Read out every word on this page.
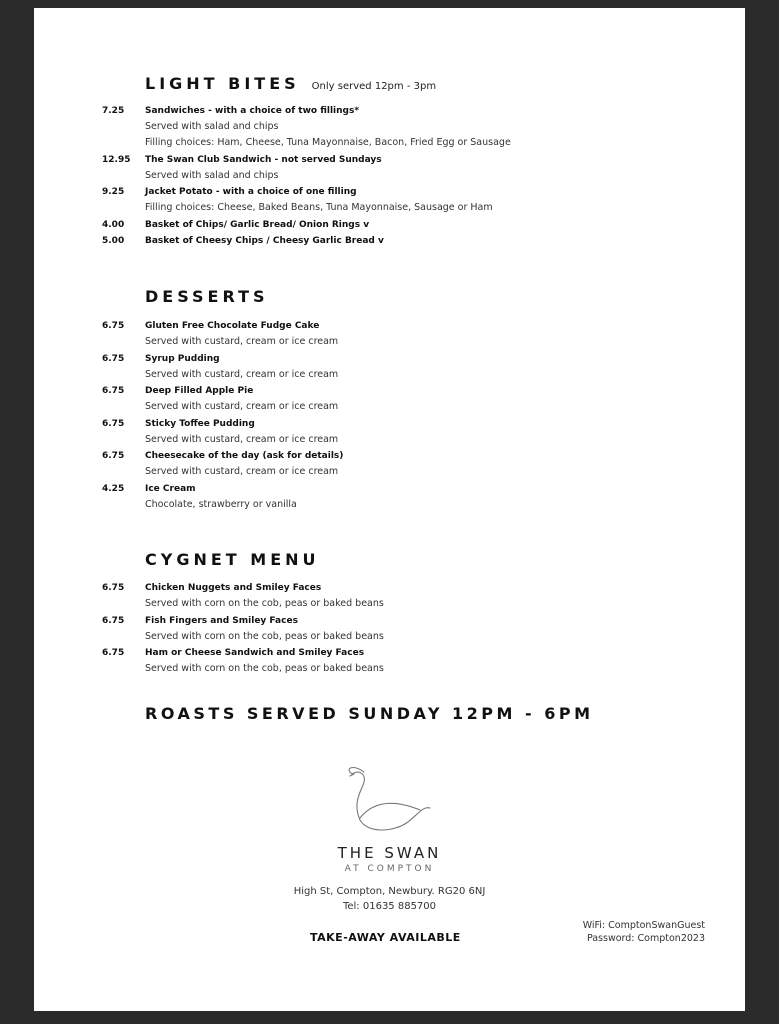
LIGHT BITES Only served 12pm - 3pm
7.25 Sandwiches - with a choice of two fillings*
Served with salad and chips
Filling choices: Ham, Cheese, Tuna Mayonnaise, Bacon, Fried Egg or Sausage
12.95 The Swan Club Sandwich - not served Sundays
Served with salad and chips
9.25 Jacket Potato - with a choice of one filling
Filling choices: Cheese, Baked Beans, Tuna Mayonnaise, Sausage or Ham
4.00 Basket of Chips/ Garlic Bread/ Onion Rings v
5.00 Basket of Cheesy Chips / Cheesy Garlic Bread v
DESSERTS
6.75 Gluten Free Chocolate Fudge Cake
Served with custard, cream or ice cream
6.75 Syrup Pudding
Served with custard, cream or ice cream
6.75 Deep Filled Apple Pie
Served with custard, cream or ice cream
6.75 Sticky Toffee Pudding
Served with custard, cream or ice cream
6.75 Cheesecake of the day (ask for details)
Served with custard, cream or ice cream
4.25 Ice Cream
Chocolate, strawberry or vanilla
CYGNET MENU
6.75 Chicken Nuggets and Smiley Faces
Served with corn on the cob, peas or baked beans
6.75 Fish Fingers and Smiley Faces
Served with corn on the cob, peas or baked beans
6.75 Ham or Cheese Sandwich and Smiley Faces
Served with corn on the cob, peas or baked beans
ROASTS SERVED SUNDAY 12PM - 6PM
THE SWAN
AT COMPTON
High St, Compton, Newbury. RG20 6NJ
Tel: 01635 885700
TAKE-AWAY AVAILABLE
WiFi: ComptonSwanGuest
Password: Compton2023
